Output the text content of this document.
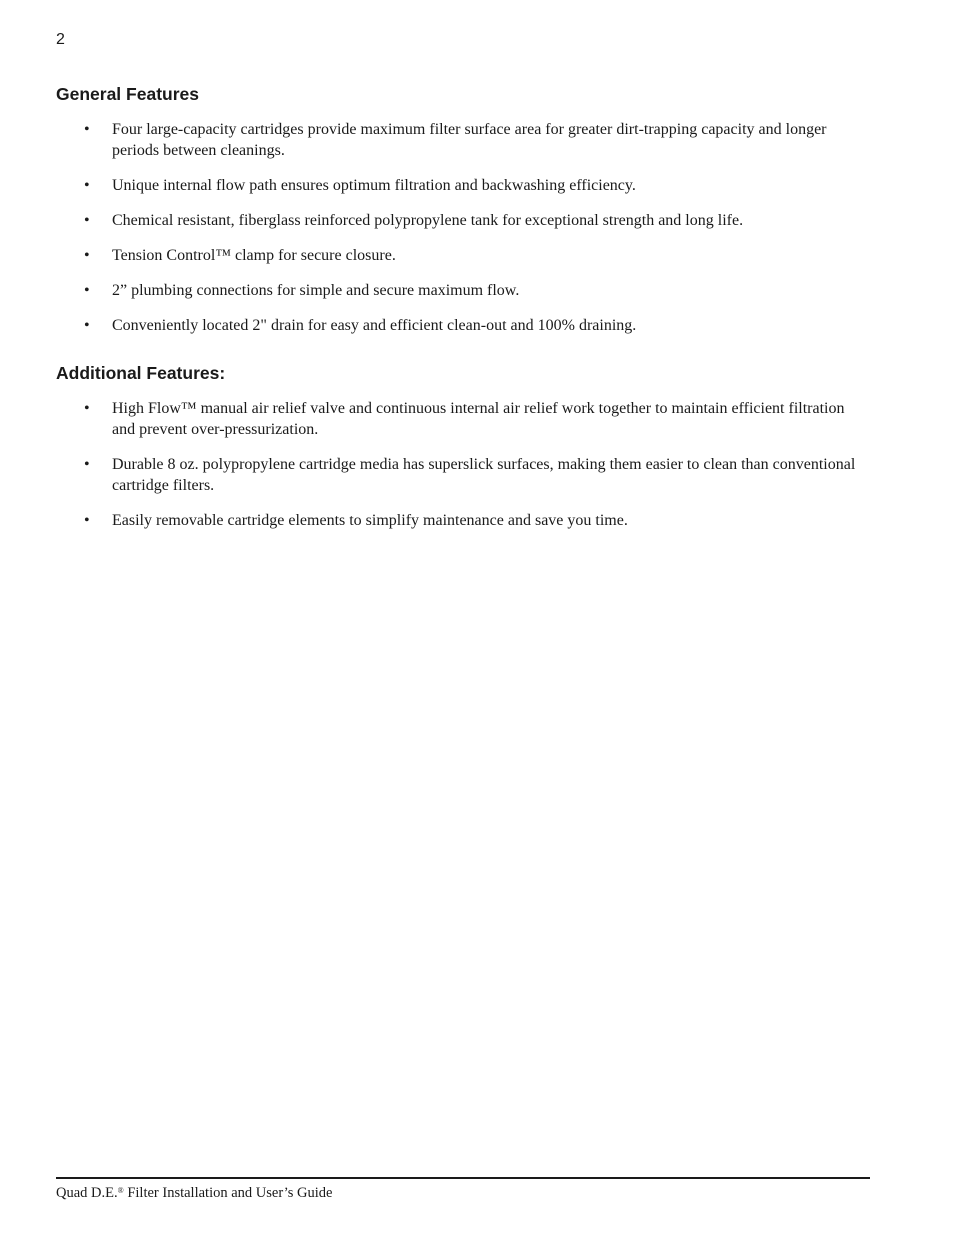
2
General Features
• Four large-capacity cartridges provide maximum filter surface area for greater dirt-trapping capacity and longer periods between cleanings.
• Unique internal flow path ensures optimum filtration and backwashing efficiency.
• Chemical resistant, fiberglass reinforced polypropylene tank for exceptional strength and long life.
• Tension Control™ clamp for secure closure.
• 2” plumbing connections for simple and secure maximum flow.
• Conveniently located 2" drain for easy and efficient clean-out and 100% draining.
Additional Features:
• High Flow™ manual air relief valve and continuous internal air relief work together to maintain efficient filtration and prevent over-pressurization.
• Durable 8 oz. polypropylene cartridge media has superslick surfaces, making them easier to clean than conventional cartridge filters.
• Easily removable cartridge elements to simplify maintenance and save you time.
Quad D.E.® Filter Installation and User’s Guide
